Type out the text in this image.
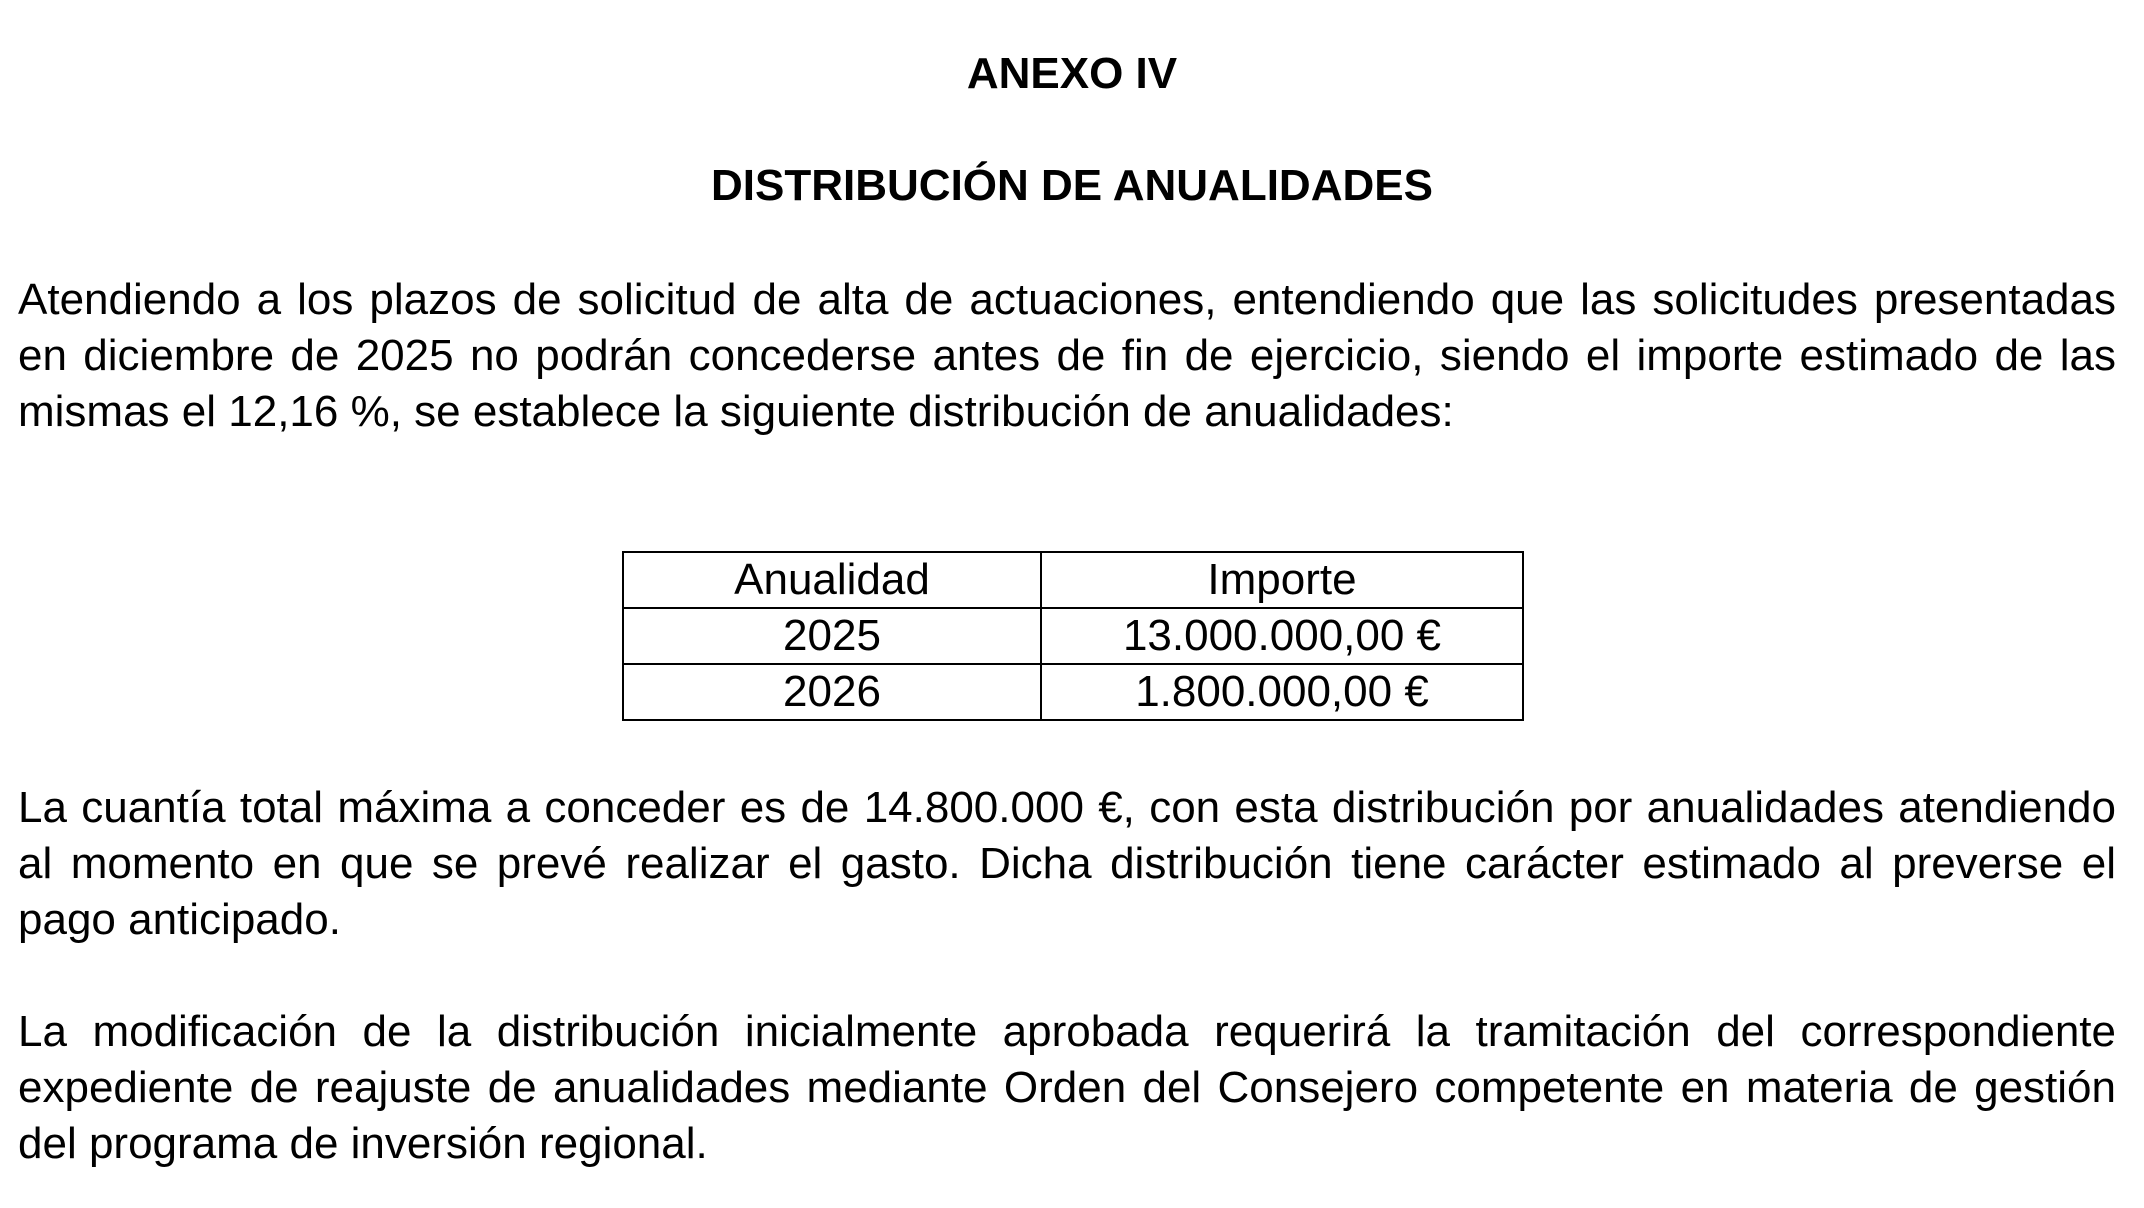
ANEXO IV
DISTRIBUCIÓN DE ANUALIDADES

Atendiendo a los plazos de solicitud de alta de actuaciones, entendiendo que las solicitudes presentadas en diciembre de 2025 no podrán concederse antes de fin de ejercicio, siendo el importe estimado de las mismas el 12,16 %, se establece la siguiente distribución de anualidades:

Anualidad	Importe
2025	13.000.000,00 €
2026	1.800.000,00 €

La cuantía total máxima a conceder es de 14.800.000 €, con esta distribución por anualidades atendiendo al momento en que se prevé realizar el gasto. Dicha distribución tiene carácter estimado al preverse el pago anticipado.

La modificación de la distribución inicialmente aprobada requerirá la tramitación del correspondiente expediente de reajuste de anualidades mediante Orden del Consejero competente en materia de gestión del programa de inversión regional.
